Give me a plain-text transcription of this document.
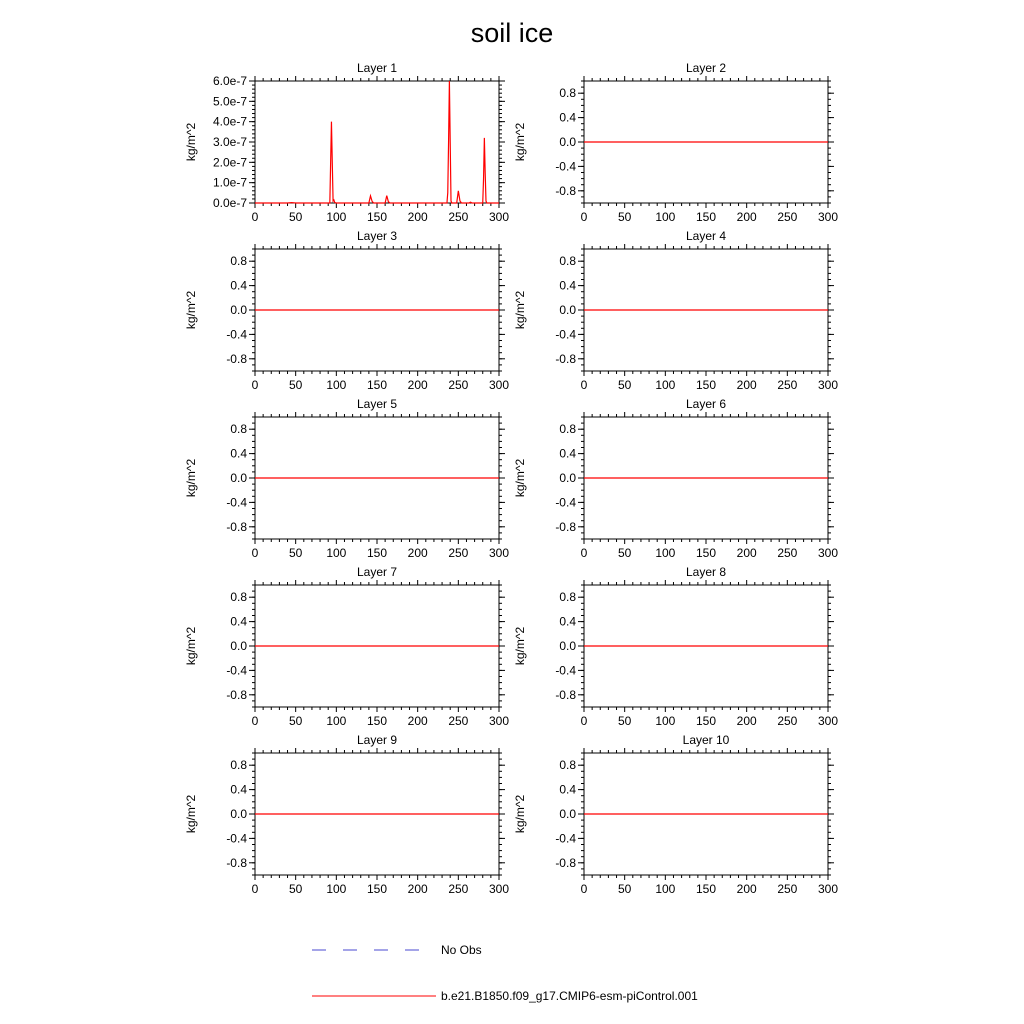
soil ice
Layer 1
0	50 100 150 200 250 300
0.0e-7
1.0e-7
2.0e-7
3.0e-7
4.0e-7
5.0e-7
6.0e-7
kg/m^2
Layer 2
0	50 100 150 200 250 300
0.8
0.4
0.0
-0.4
-0.8
kg/m^2
Layer 3
0	50 100 150 200 250 300
0.8
0.4
0.0
-0.4
-0.8
kg/m^2
Layer 4
0	50 100 150 200 250 300
0.8
0.4
0.0
-0.4
-0.8
kg/m^2
Layer 5
0	50 100 150 200 250 300
0.8
0.4
0.0
-0.4
-0.8
kg/m^2
Layer 6
0	50 100 150 200 250 300
0.8
0.4
0.0
-0.4
-0.8
kg/m^2
Layer 7
0	50 100 150 200 250 300
0.8
0.4
0.0
-0.4
-0.8
kg/m^2
Layer 8
0	50 100 150 200 250 300
0.8
0.4
0.0
-0.4
-0.8
kg/m^2
Layer 9
0	50 100 150 200 250 300
0.8
0.4
0.0
-0.4
-0.8
kg/m^2
Layer 10
0	50 100 150 200 250 300
0.8
0.4
0.0
-0.4
-0.8
kg/m^2
No Obs
b.e21.B1850.f09_g17.CMIP6-esm-piControl.001
